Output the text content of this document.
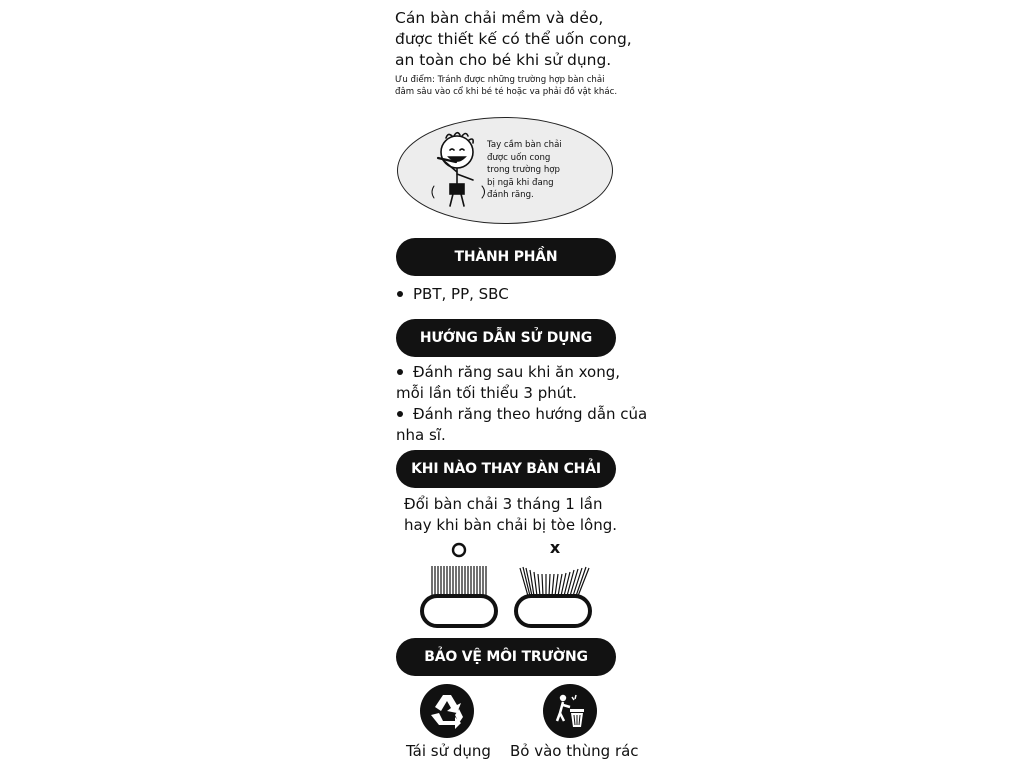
Cán bàn chải mềm và dẻo,
được thiết kế có thể uốn cong,
an toàn cho bé khi sử dụng.
Ưu điểm: Tránh được những trường hợp bàn chải
đâm sâu vào cổ khi bé té hoặc va phải đồ vật khác.
Tay cầm bàn chải
được uốn cong
trong trường hợp
bị ngã khi đang
đánh răng.
THÀNH PHẦN
PBT, PP, SBC
HƯỚNG DẪN SỬ DỤNG
Đánh răng sau khi ăn xong,
mỗi lần tối thiểu 3 phút.
Đánh răng theo hướng dẫn của
nha sĩ.
KHI NÀO THAY BÀN CHẢI
Đổi bàn chải 3 tháng 1 lần
hay khi bàn chải bị tòe lông.
x
BẢO VỆ MÔI TRƯỜNG
Tái sử dụng Bỏ vào thùng rác
